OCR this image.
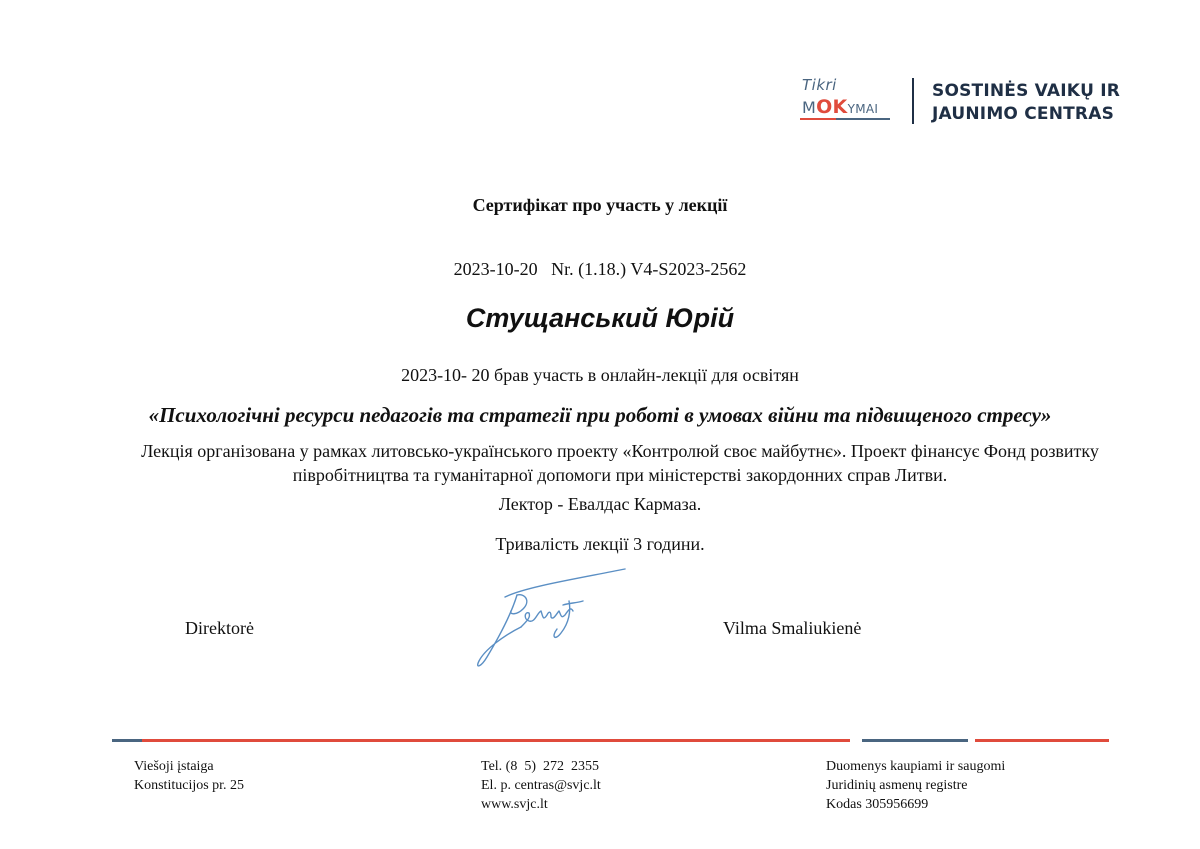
Tikri
MOKYMAI
SOSTINĖS VAIKŲ IR
JAUNIMO CENTRAS
Сертифікат про участь у лекції
2023-10-20 Nr. (1.18.) V4-S2023-2562
Стущанський Юрій
2023-10- 20 брав участь в онлайн-лекції для освітян
«Психологічні ресурси педагогів та стратегії при роботі в умовах війни та підвищеного стресу»
Лекція організована у рамках литовсько-українського проекту «Контролюй своє майбутнє». Проект фінансує Фонд розвитку півробітництва та гуманітарної допомоги при міністерстві закордонних справ Литви.
Лектор - Евалдас Кармаза.
Тривалість лекції 3 години.
Direktorė	Vilma Smaliukienė
Viešoji įstaiga
Konstitucijos pr. 25
Tel. (8  5)  272  2355
El. p. centras@svjc.lt
www.svjc.lt
Duomenys kaupiami ir saugomi
Juridinių asmenų registre
Kodas 305956699
